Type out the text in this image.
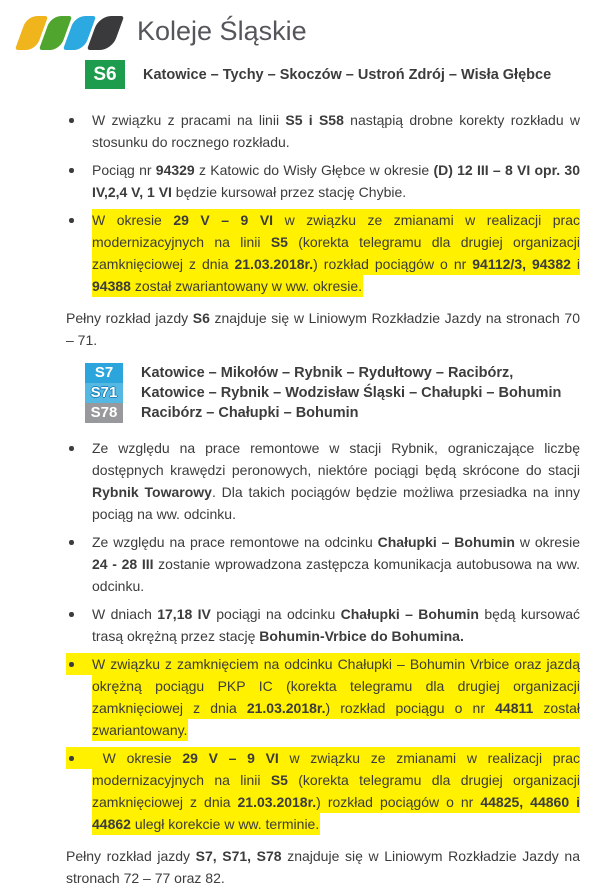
Koleje Śląskie
S6	Katowice – Tychy – Skoczów – Ustroń Zdrój – Wisła Głębce
W związku z pracami na linii S5 i S58 nastąpią drobne korekty rozkładu w stosunku do rocznego rozkładu.
Pociąg nr 94329 z Katowic do Wisły Głębce w okresie (D) 12 III – 8 VI opr. 30 IV,2,4 V, 1 VI będzie kursował przez stację Chybie.
W okresie 29 V – 9 VI w związku ze zmianami w realizacji prac modernizacyjnych na linii S5 (korekta telegramu dla drugiej organizacji zamknięciowej z dnia 21.03.2018r.) rozkład pociągów o nr 94112/3, 94382 i 94388 został zwariantowany w ww. okresie.

Pełny rozkład jazdy S6 znajduje się w Liniowym Rozkładzie Jazdy na stronach 70 – 71.

S7
S71
S78
Katowice – Mikołów – Rybnik – Rydułtowy – Racibórz,
Katowice – Rybnik – Wodzisław Śląski – Chałupki – Bohumin
Racibórz – Chałupki – Bohumin
Ze względu na prace remontowe w stacji Rybnik, ograniczające liczbę dostępnych krawędzi peronowych, niektóre pociągi będą skrócone do stacji Rybnik Towarowy. Dla takich pociągów będzie możliwa przesiadka na inny pociąg na ww. odcinku.
Ze względu na prace remontowe na odcinku Chałupki – Bohumin w okresie 24 - 28 III zostanie wprowadzona zastępcza komunikacja autobusowa na ww. odcinku.
W dniach 17,18 IV pociągi na odcinku Chałupki – Bohumin będą kursować trasą okrężną przez stację Bohumin-Vrbice do Bohumina.
W związku z zamknięciem na odcinku Chałupki – Bohumin Vrbice oraz jazdą okrężną pociągu PKP IC (korekta telegramu dla drugiej organizacji zamknięciowej z dnia 21.03.2018r.) rozkład pociągu o nr 44811 został zwariantowany.
W okresie 29 V – 9 VI w związku ze zmianami w realizacji prac modernizacyjnych na linii S5 (korekta telegramu dla drugiej organizacji zamknięciowej z dnia 21.03.2018r.) rozkład pociągów o nr 44825, 44860 i 44862 uległ korekcie w ww. terminie.

Pełny rozkład jazdy S7, S71, S78 znajduje się w Liniowym Rozkładzie Jazdy na stronach 72 – 77 oraz 82.
